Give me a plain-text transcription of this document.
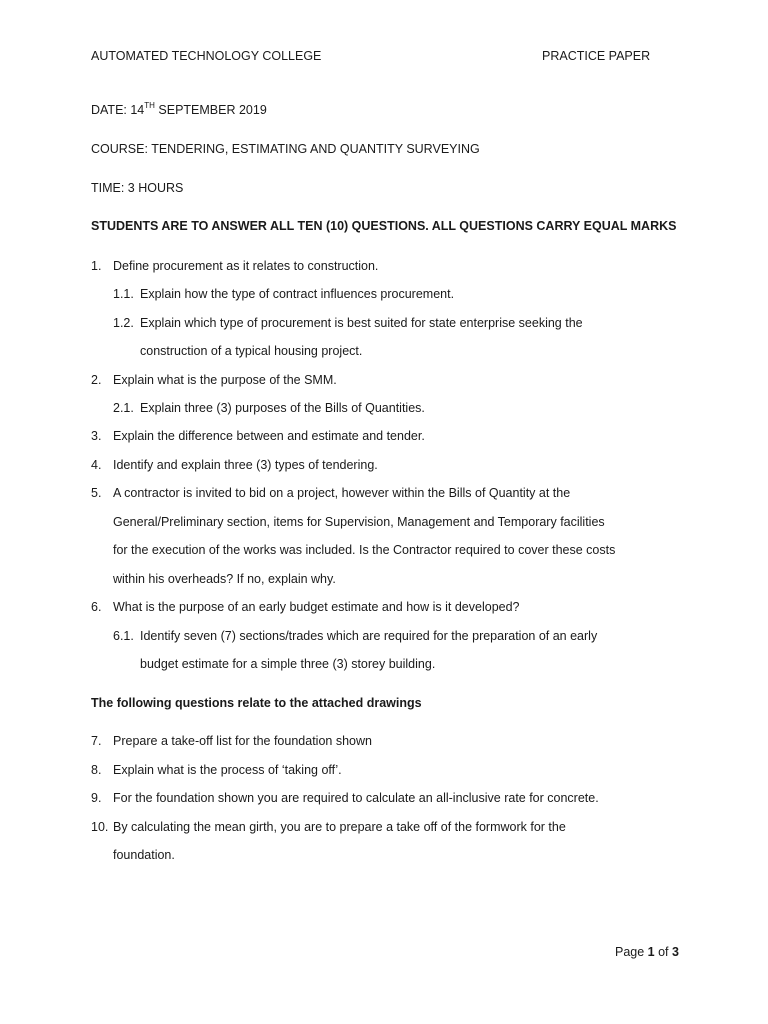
AUTOMATED TECHNOLOGY COLLEGE	PRACTICE PAPER
DATE: 14TH SEPTEMBER 2019
COURSE: TENDERING, ESTIMATING AND QUANTITY SURVEYING
TIME: 3 HOURS
STUDENTS ARE TO ANSWER ALL TEN (10) QUESTIONS. ALL QUESTIONS CARRY EQUAL MARKS
1. Define procurement as it relates to construction.
1.1. Explain how the type of contract influences procurement.
1.2. Explain which type of procurement is best suited for state enterprise seeking the
construction of a typical housing project.
2. Explain what is the purpose of the SMM.
2.1. Explain three (3) purposes of the Bills of Quantities.
3. Explain the difference between and estimate and tender.
4. Identify and explain three (3) types of tendering.
5. A contractor is invited to bid on a project, however within the Bills of Quantity at the
General/Preliminary section, items for Supervision, Management and Temporary facilities
for the execution of the works was included. Is the Contractor required to cover these costs
within his overheads? If no, explain why.
6. What is the purpose of an early budget estimate and how is it developed?
6.1. Identify seven (7) sections/trades which are required for the preparation of an early
budget estimate for a simple three (3) storey building.
The following questions relate to the attached drawings
7. Prepare a take-off list for the foundation shown
8. Explain what is the process of ‘taking off’.
9. For the foundation shown you are required to calculate an all-inclusive rate for concrete.
10. By calculating the mean girth, you are to prepare a take off of the formwork for the
foundation.
Page 1 of 3
